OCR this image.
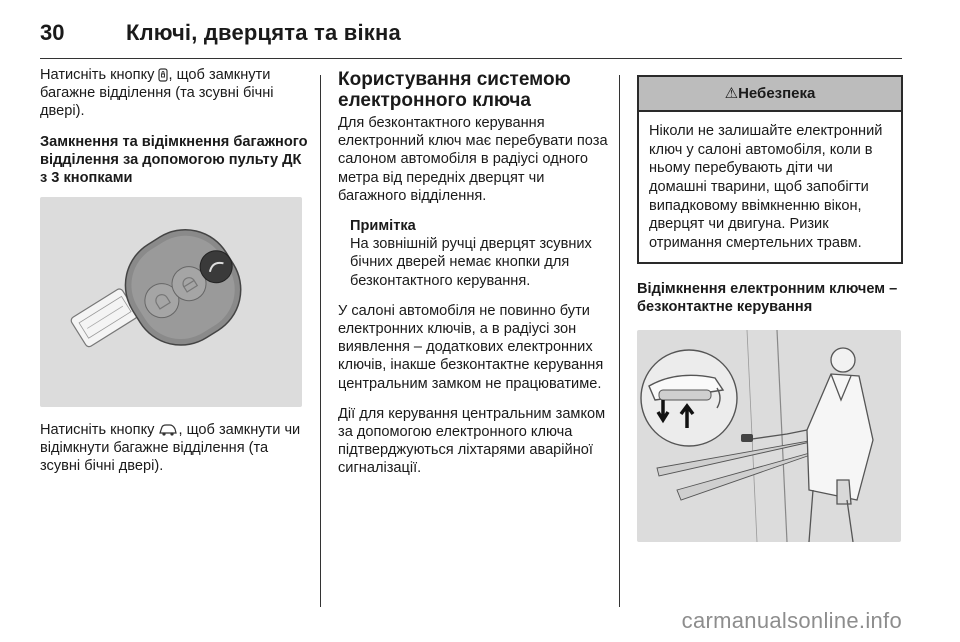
30	Ключі, дверцята та вікна

Натисніть кнопку , щоб замкнути багажне відділення (та зсувні бічні двері).

Замкнення та відімкнення багажного відділення за допомогою пульту ДК з 3 кнопками

Натисніть кнопку , щоб замкнути чи відімкнути багажне відділення (та зсувні бічні двері).

Користування системою електронного ключа

Для безконтактного керування електронний ключ має перебувати поза салоном автомобіля в радіусі одного метра від передніх дверцят чи багажного відділення.

Примітка
На зовнішній ручці дверцят зсувних бічних дверей немає кнопки для безконтактного керування.

У салоні автомобіля не повинно бути електронних ключів, а в радіусі зон виявлення – додаткових електронних ключів, інакше безконтактне керування центральним замком не працюватиме.

Дії для керування центральним замком за допомогою електронного ключа підтверджуються ліхтарями аварійної сигналізації.

⚠Небезпека
Ніколи не залишайте електронний ключ у салоні автомобіля, коли в ньому перебувають діти чи домашні тварини, щоб запобігти випадковому ввімкненню вікон, дверцят чи двигуна. Ризик отримання смертельних травм.
Відімкнення електронним ключем – безконтактне керування
carmanualsonline.info
